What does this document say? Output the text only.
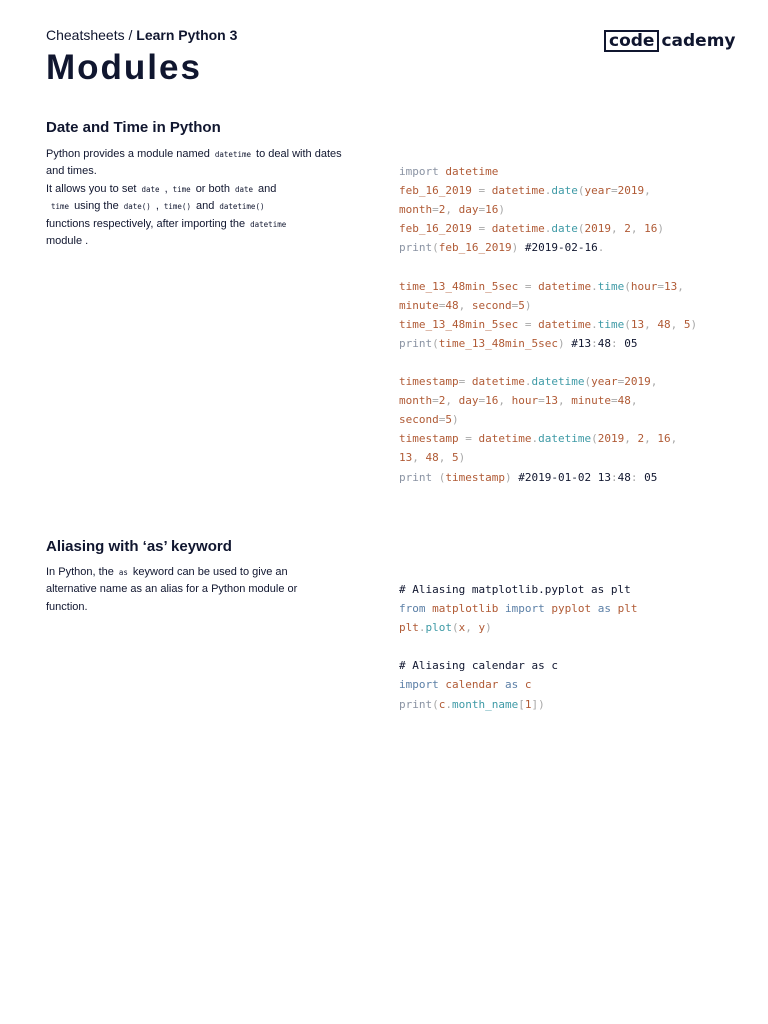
Cheatsheets / Learn Python 3	code cademy
Modules
Date and Time in Python

Python provides a module named datetime to deal with dates and times.

It allows you to set date , time or both date and
time using the date() , time() and datetime()
functions respectively, after importing the datetime
module .

import datetime
feb_16_2019 = datetime.date(year=2019,
month=2, day=16)
feb_16_2019 = datetime.date(2019, 2, 16)
print(feb_16_2019) #2019-02-16.

time_13_48min_5sec = datetime.time(hour=13,
minute=48, second=5)
time_13_48min_5sec = datetime.time(13, 48, 5)
print(time_13_48min_5sec) #13:48: 05

timestamp= datetime.datetime(year=2019,
month=2, day=16, hour=13, minute=48,
second=5)
timestamp = datetime.datetime(2019, 2, 16,
13, 48, 5)
print (timestamp) #2019-01-02 13:48: 05
Aliasing with ‘as’ keyword

In Python, the as keyword can be used to give an alternative name as an alias for a Python module or function.

# Aliasing matplotlib.pyplot as plt
from matplotlib import pyplot as plt
plt.plot(x, y)

# Aliasing calendar as c
import calendar as c
print(c.month_name[1])
